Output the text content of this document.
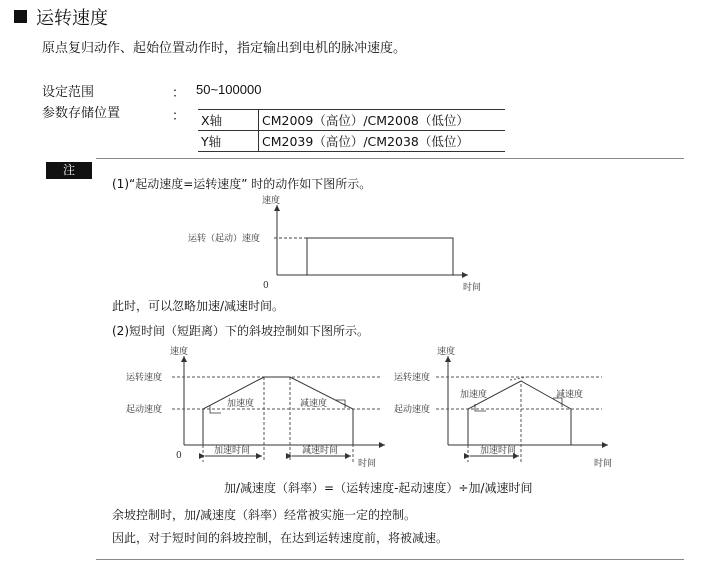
运转速度
原点复归动作、起始位置动作时，指定输出到电机的脉冲速度。
设定范围	： 50~100000
参数存储位置	： X轴	CM2009（高位）/CM2008（低位）
Y轴	CM2039（高位）/CM2038（低位）
注
(1)“起动速度=运转速度” 时的动作如下图所示。
速度
时间
0
运转（起动）速度
此时，可以忽略加速/减速时间。
(2)短时间（短距离）下的斜坡控制如下图所示。
速度
时间
0
运转速度
起动速度
加速度	减速度
加速时间	减速时间
速度
时间
运转速度
起动速度
加速度	减速度
加速时间
加/减速度（斜率）=（运转速度-起动速度）÷加/减速时间
余坡控制时，加/减速度（斜率）经常被实施一定的控制。
因此，对于短时间的斜坡控制，在达到运转速度前，将被减速。
